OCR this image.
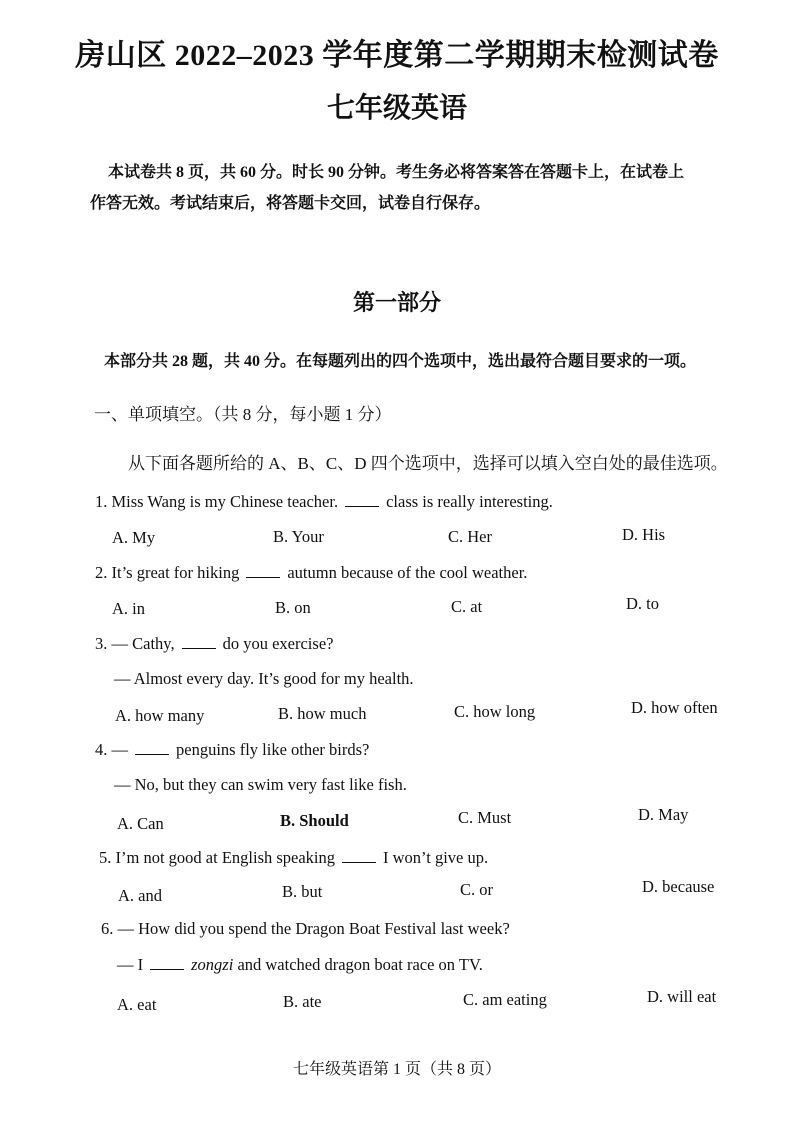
房山区 2022–2023 学年度第二学期期末检测试卷
七年级英语
本试卷共 8 页，共 60 分。时长 90 分钟。考生务必将答案答在答题卡上，在试卷上
作答无效。考试结束后，将答题卡交回，试卷自行保存。
第一部分
本部分共 28 题，共 40 分。在每题列出的四个选项中，选出最符合题目要求的一项。
一、单项填空。（共 8 分，每小题 1 分）
从下面各题所给的 A、B、C、D 四个选项中，选择可以填入空白处的最佳选项。
1. Miss Wang is my Chinese teacher.	class is really interesting.
A. My	B. Your	C. Her	D. His
2. It’s great for hiking	autumn because of the cool weather.
A. in	B. on	C. at	D. to
3. — Cathy,	do you exercise?
— Almost every day. It’s good for my health.
A. how many	B. how much	C. how long	D. how often
4. —	penguins fly like other birds?
— No, but they can swim very fast like fish.
A. Can	B. Should	C. Must	D. May
5. I’m not good at English speaking	I won’t give up.
A. and	B. but	C. or	D. because
6. — How did you spend the Dragon Boat Festival last week?
— I	zongzi and watched dragon boat race on TV.
A. eat	B. ate	C. am eating	D. will eat
七年级英语第 1 页（共 8 页）
